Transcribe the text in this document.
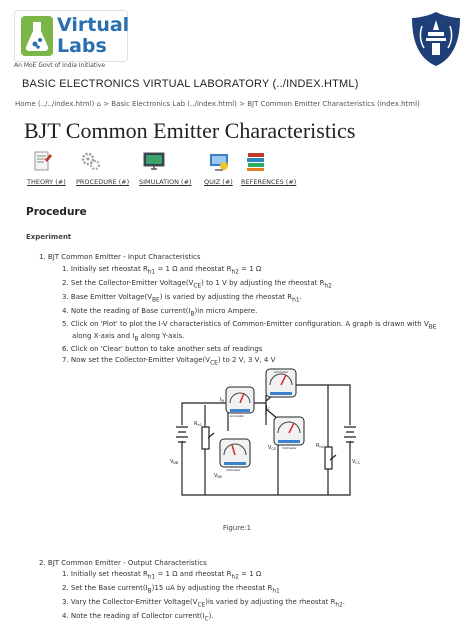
Virtual
Labs
An MoE Govt of India Initiative
BASIC ELECTRONICS VIRTUAL LABORATORY (../INDEX.HTML)
Home (../../index.html) ⌂ > Basic Electronics Lab (../index.html) > BJT Common Emitter Characteristics (index.html)
BJT Common Emitter Characteristics
THEORY (#) PROCEDURE (#) SIMULATION (#) QUIZ (#) REFERENCES (#)
Procedure
Experiment
1. BJT Common Emitter - Input Characteristics
1. Initially set rheostat $R_{h1} = 1$ Ω and rheostat $R_{h2} = 1$ Ω
2. Set the Collector-Emitter $Voltage(V_{CE})$ to 1 V by adjusting the rheostat $R_{h2}$
3. Base Emitter $Voltage(V_{BE})$ is varied by adjusting the rheostat $R_{h1}$.
4. Note the reading of Base $current(I_B)in$ micro Ampere.
5. Click on 'Plot' to plot the I-V characteristics of Common-Emitter configuration. A graph is drawn with $V_{BE}$
along X-axis and $I_B$ along Y-axis.
6. Click on 'Clear' button to take another sets of readings
7. Now set the Collector-Emitter $Voltage(V_{CE})$ to 2 V, 3 V, 4 V
$V_{BB}$	$V_{CC}$
$R_{h1}$
$R_{h2}$
$V_{BE}$
$V_{CE}$
$I_B$
$I_C$
Ammeter
Ammeter
Voltmeter
Voltmeter
Figure:1
2. BJT Common Emitter - Output Characteristics
1. Initially set rheostat $R_{h1} = 1$ Ω and rheostat $R_{h2} = 1$ Ω
2. Set the Base $current(I_B)15$ uA by adjusting the rheostat $R_{h1}$
3. Vary the Collector-Emitter $Voltage(V_{CE})is$ varied by adjusting the rheostat $R_{h2}$.
4. Note the reading of Collector $current(I_C)$.
